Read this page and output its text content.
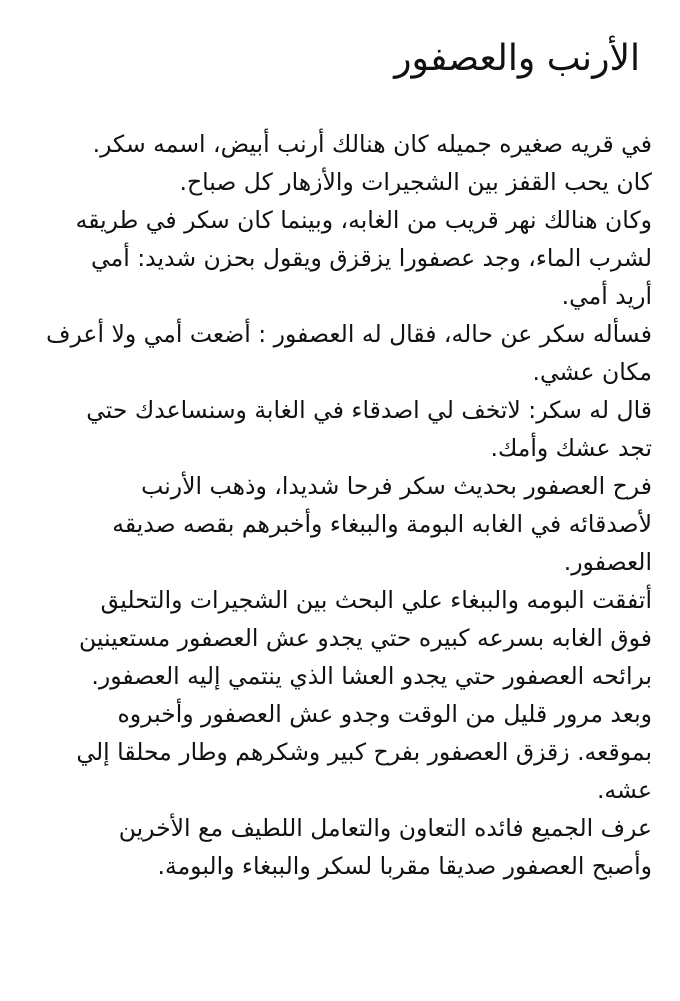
الأرنب والعصفور
في قريه صغيره جميله كان هنالك أرنب أبيض، اسمه سكر.
كان يحب القفز بين الشجيرات والأزهار كل صباح.
وكان هنالك نهر قريب من الغابه، وبينما كان سكر في طريقه
لشرب الماء، وجد عصفورا يزقزق ويقول بحزن شديد: أمي
أريد أمي.
فسأله سكر عن حاله، فقال له العصفور : أضعت أمي ولا أعرف
مكان عشي.
قال له سكر: لاتخف لي اصدقاء في الغابة وسنساعدك حتي
تجد عشك وأمك.
فرح العصفور بحديث سكر فرحا شديدا، وذهب الأرنب
لأصدقائه في الغابه البومة والببغاء وأخبرهم بقصه صديقه
العصفور.
أتفقت البومه والببغاء علي البحث بين الشجيرات والتحليق
فوق الغابه بسرعه كبيره حتي يجدو عش العصفور مستعينين
برائحه العصفور حتي يجدو العشا الذي ينتمي إليه العصفور.
وبعد مرور قليل من الوقت وجدو عش العصفور وأخبروه
بموقعه. زقزق العصفور بفرح كبير وشكرهم وطار محلقا إلي
عشه.
عرف الجميع فائده التعاون والتعامل اللطيف مع الأخرين
وأصبح العصفور صديقا مقربا لسكر والببغاء والبومة.
